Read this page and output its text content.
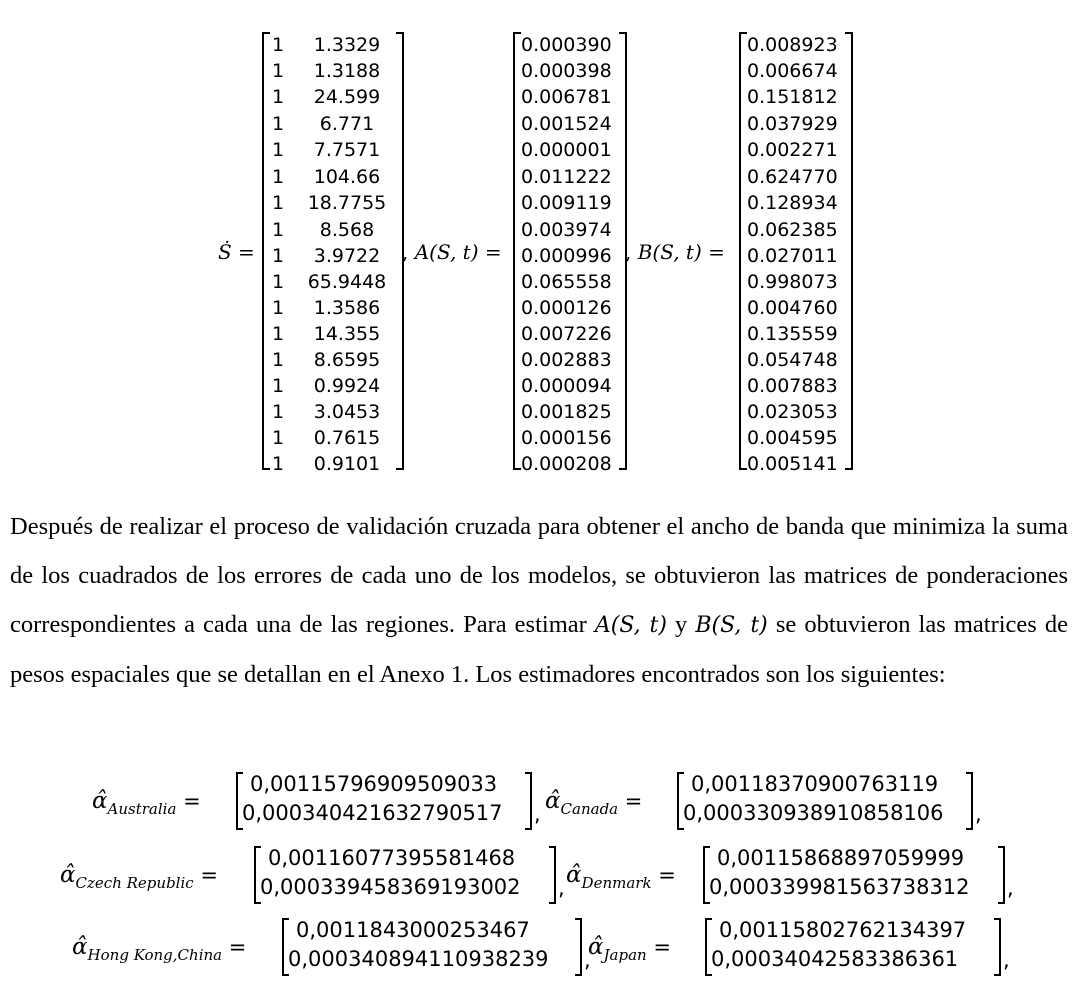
Ṡ =
1	1.3329
1	1.3188
1	24.599
1	6.771
1	7.7571
1	104.66
1	18.7755
1	8.568
1	3.9722
1	65.9448
1	1.3586
1	14.355
1	8.6595
1	0.9924
1	3.0453
1	0.7615
1	0.9101
, A(S, t) =
0.000390
0.000398
0.006781
0.001524
0.000001
0.011222
0.009119
0.003974
0.000996
0.065558
0.000126
0.007226
0.002883
0.000094
0.001825
0.000156
0.000208
, B(S, t) =
0.008923
0.006674
0.151812
0.037929
0.002271
0.624770
0.128934
0.062385
0.027011
0.998073
0.004760
0.135559
0.054748
0.007883
0.023053
0.004595
0.005141

Después de realizar el proceso de validación cruzada para obtener el ancho de banda que minimiza la suma de los cuadrados de los errores de cada uno de los modelos, se obtuvieron las matrices de ponderaciones correspondientes a cada una de las regiones. Para estimar A(S, t) y B(S, t) se obtuvieron las matrices de pesos espaciales que se detallan en el Anexo 1. Los estimadores encontrados son los siguientes:

$\alphâ_{Australia}$ =
0,00115796909509033
0,000340421632790517 , $\alphâ_{Canada}$ =
0,00118370900763119
0,000330938910858106 ,
$\alphâ_{Czech Republic}$ =
0,00116077395581468
0,000339458369193002 , $\alphâ_{Denmark}$ =
0,00115868897059999
0,000339981563738312 ,
$\alphâ_{Hong Kong,China}$ =
0,0011843000253467
0,000340894110938239 ,
$\alphâ_{Japan}$ =
0,00115802762134397
0,00034042583386361 ,
